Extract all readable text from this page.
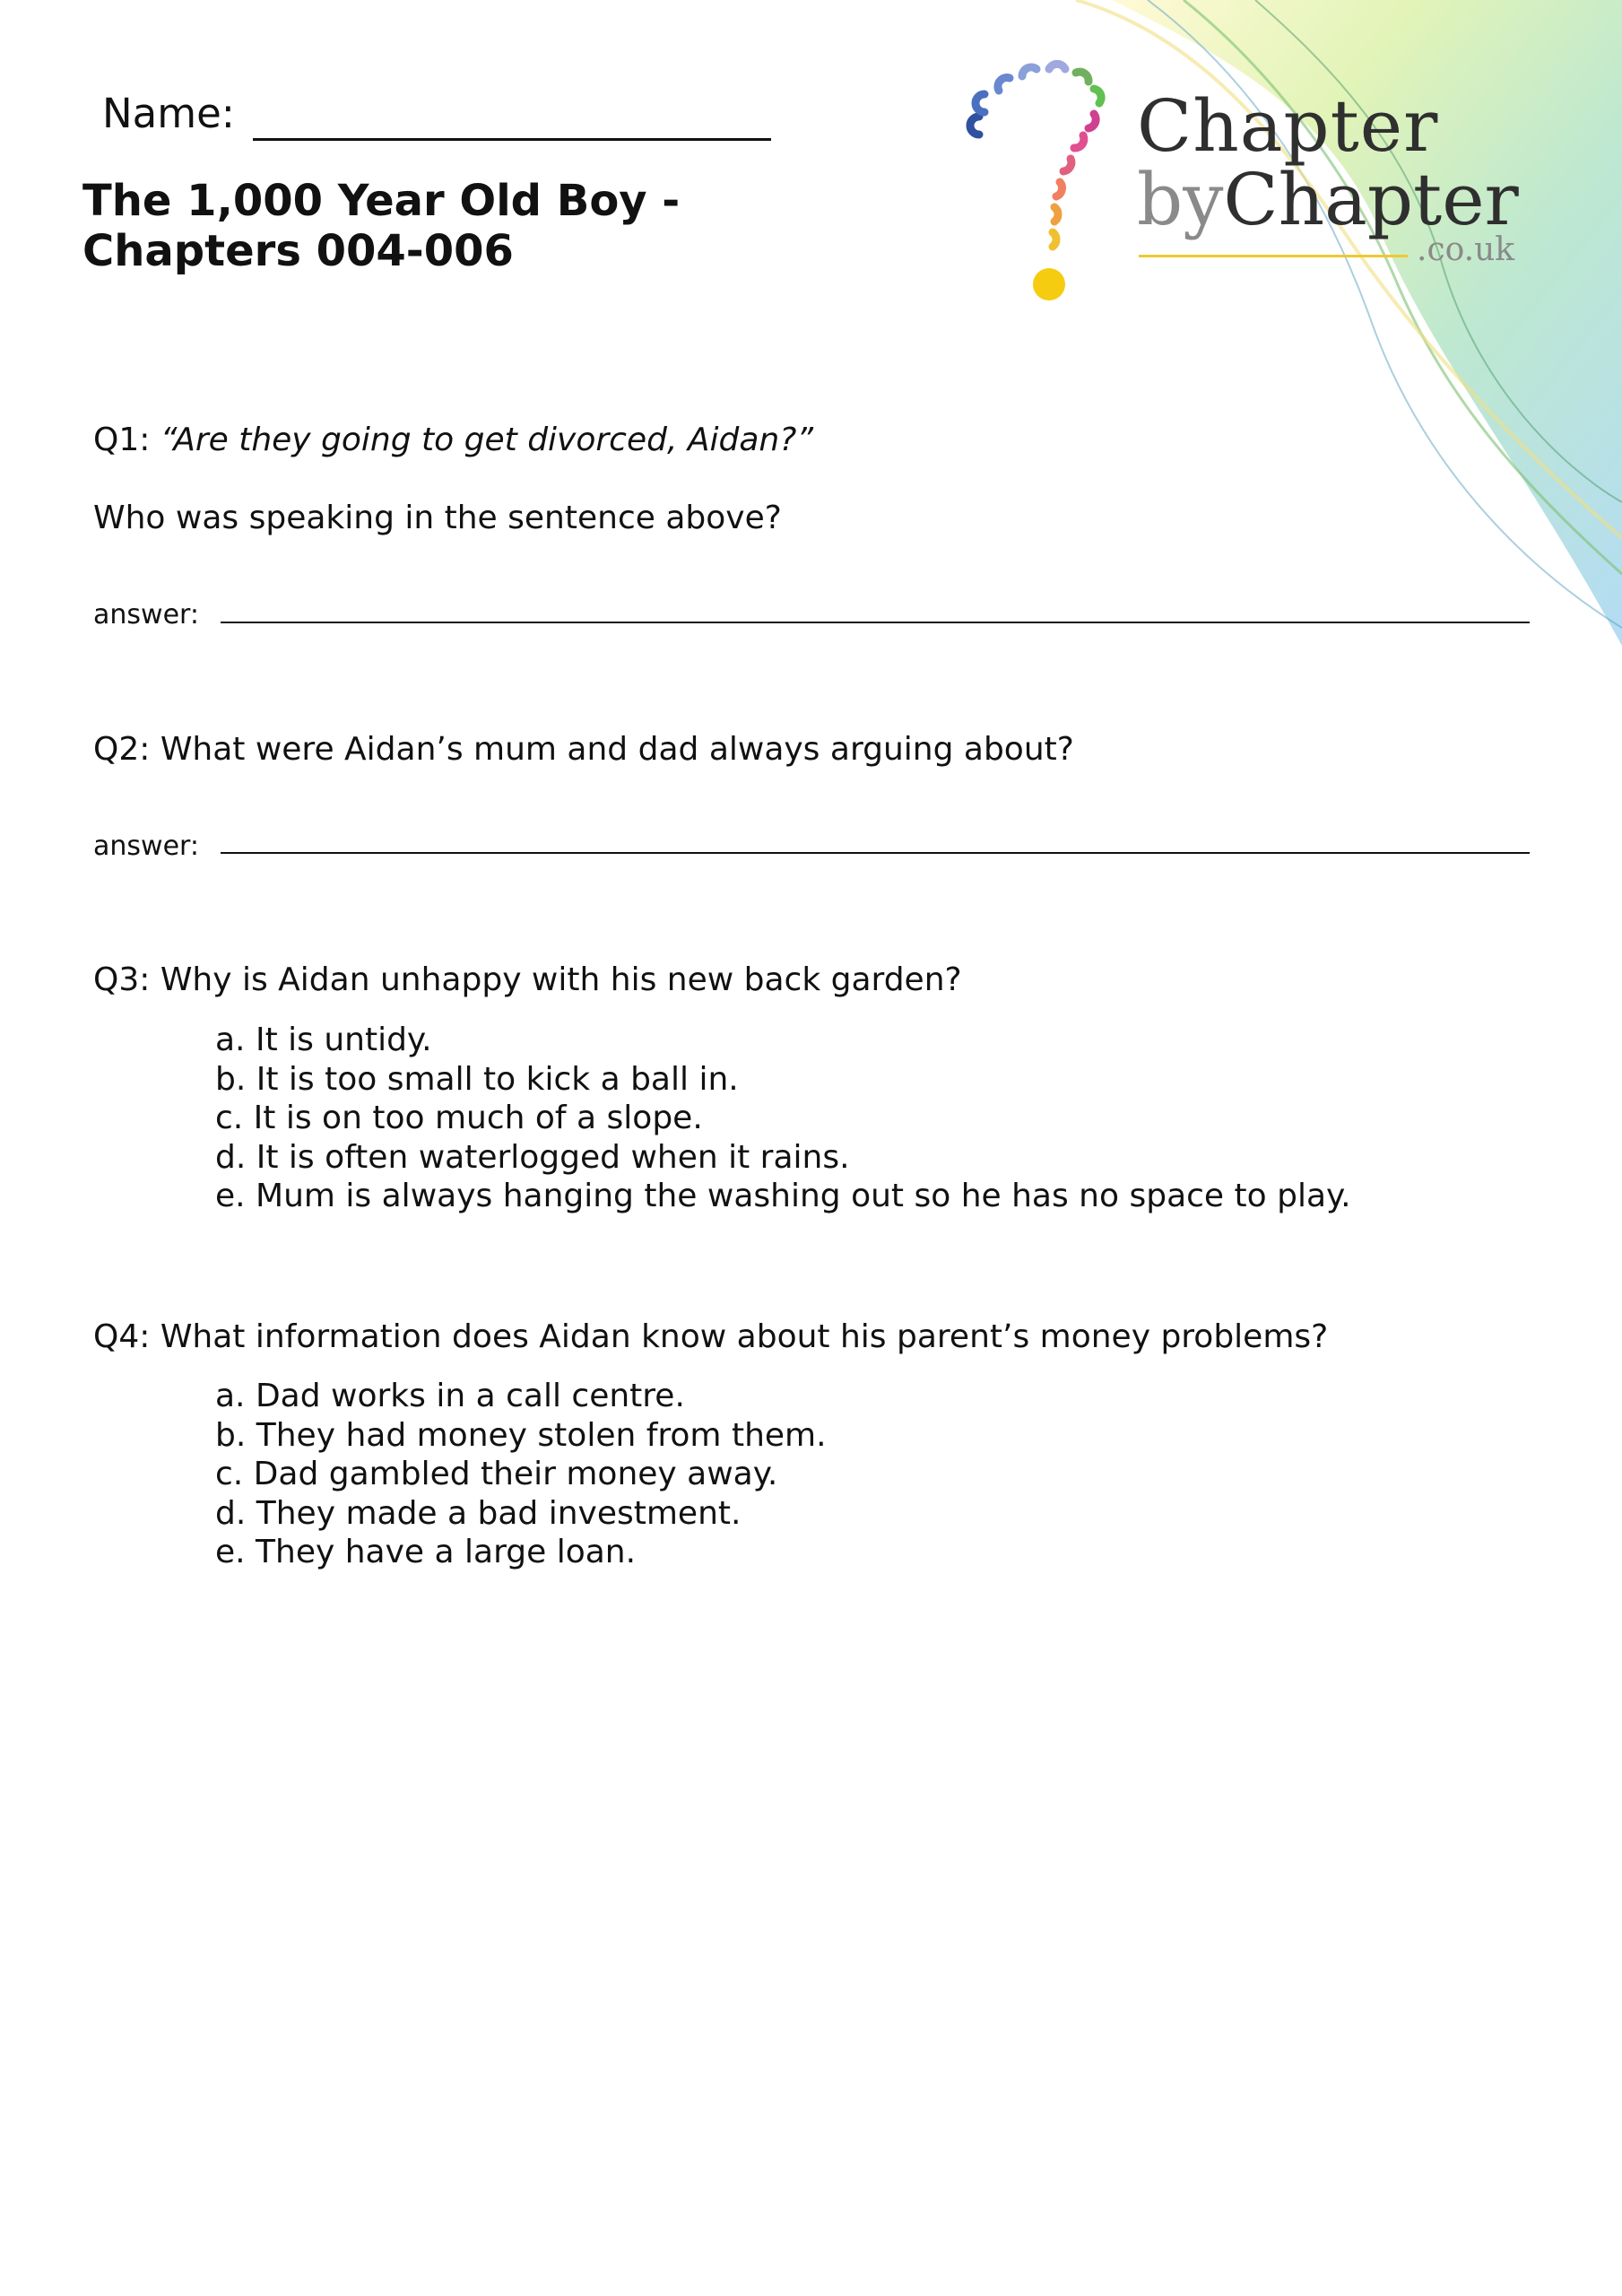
Name:
The 1,000 Year Old Boy -
Chapters 004-006
Chapter
byChapter
.co.uk
Q1: “Are they going to get divorced, Aidan?”
Who was speaking in the sentence above?
answer:
Q2: What were Aidan’s mum and dad always arguing about?
answer:
Q3: Why is Aidan unhappy with his new back garden?
a. It is untidy.
b. It is too small to kick a ball in.
c. It is on too much of a slope.
d. It is often waterlogged when it rains.
e. Mum is always hanging the washing out so he has no space to play.
Q4: What information does Aidan know about his parent’s money problems?
a. Dad works in a call centre.
b. They had money stolen from them.
c. Dad gambled their money away.
d. They made a bad investment.
e. They have a large loan.
